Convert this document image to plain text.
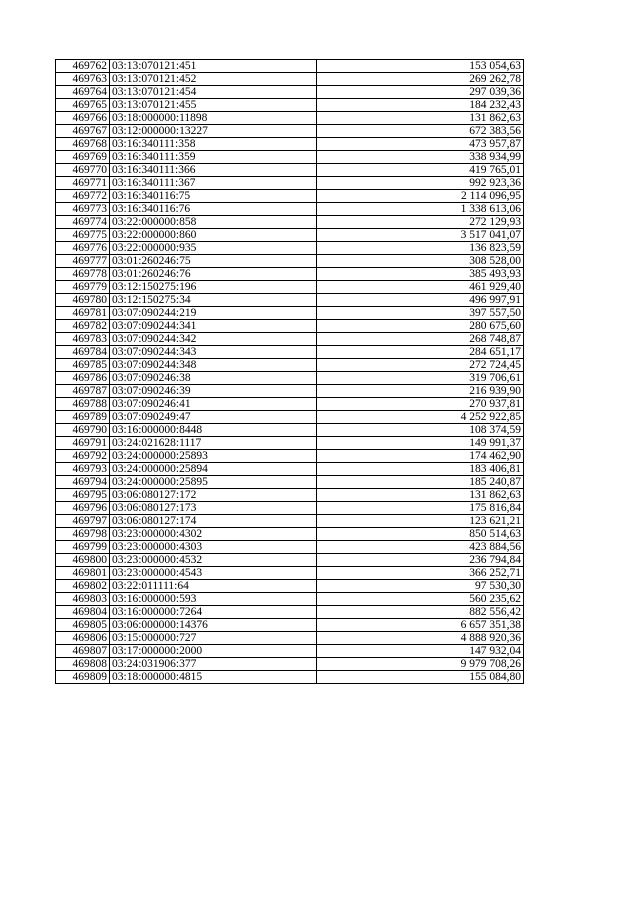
469762	03:13:070121:451	153 054,63
469763	03:13:070121:452	269 262,78
469764	03:13:070121:454	297 039,36
469765	03:13:070121:455	184 232,43
469766	03:18:000000:11898	131 862,63
469767	03:12:000000:13227	672 383,56
469768	03:16:340111:358	473 957,87
469769	03:16:340111:359	338 934,99
469770	03:16:340111:366	419 765,01
469771	03:16:340111:367	992 923,36
469772	03:16:340116:75	2 114 096,95
469773	03:16:340116:76	1 338 613,06
469774	03:22:000000:858	272 129,93
469775	03:22:000000:860	3 517 041,07
469776	03:22:000000:935	136 823,59
469777	03:01:260246:75	308 528,00
469778	03:01:260246:76	385 493,93
469779	03:12:150275:196	461 929,40
469780	03:12:150275:34	496 997,91
469781	03:07:090244:219	397 557,50
469782	03:07:090244:341	280 675,60
469783	03:07:090244:342	268 748,87
469784	03:07:090244:343	284 651,17
469785	03:07:090244:348	272 724,45
469786	03:07:090246:38	319 706,61
469787	03:07:090246:39	216 939,90
469788	03:07:090246:41	270 937,81
469789	03:07:090249:47	4 252 922,85
469790	03:16:000000:8448	108 374,59
469791	03:24:021628:1117	149 991,37
469792	03:24:000000:25893	174 462,90
469793	03:24:000000:25894	183 406,81
469794	03:24:000000:25895	185 240,87
469795	03:06:080127:172	131 862,63
469796	03:06:080127:173	175 816,84
469797	03:06:080127:174	123 621,21
469798	03:23:000000:4302	850 514,63
469799	03:23:000000:4303	423 884,56
469800	03:23:000000:4532	236 794,84
469801	03:23:000000:4543	366 252,71
469802	03:22:011111:64	97 530,30
469803	03:16:000000:593	560 235,62
469804	03:16:000000:7264	882 556,42
469805	03:06:000000:14376	6 657 351,38
469806	03:15:000000:727	4 888 920,36
469807	03:17:000000:2000	147 932,04
469808	03:24:031906:377	9 979 708,26
469809	03:18:000000:4815	155 084,80
